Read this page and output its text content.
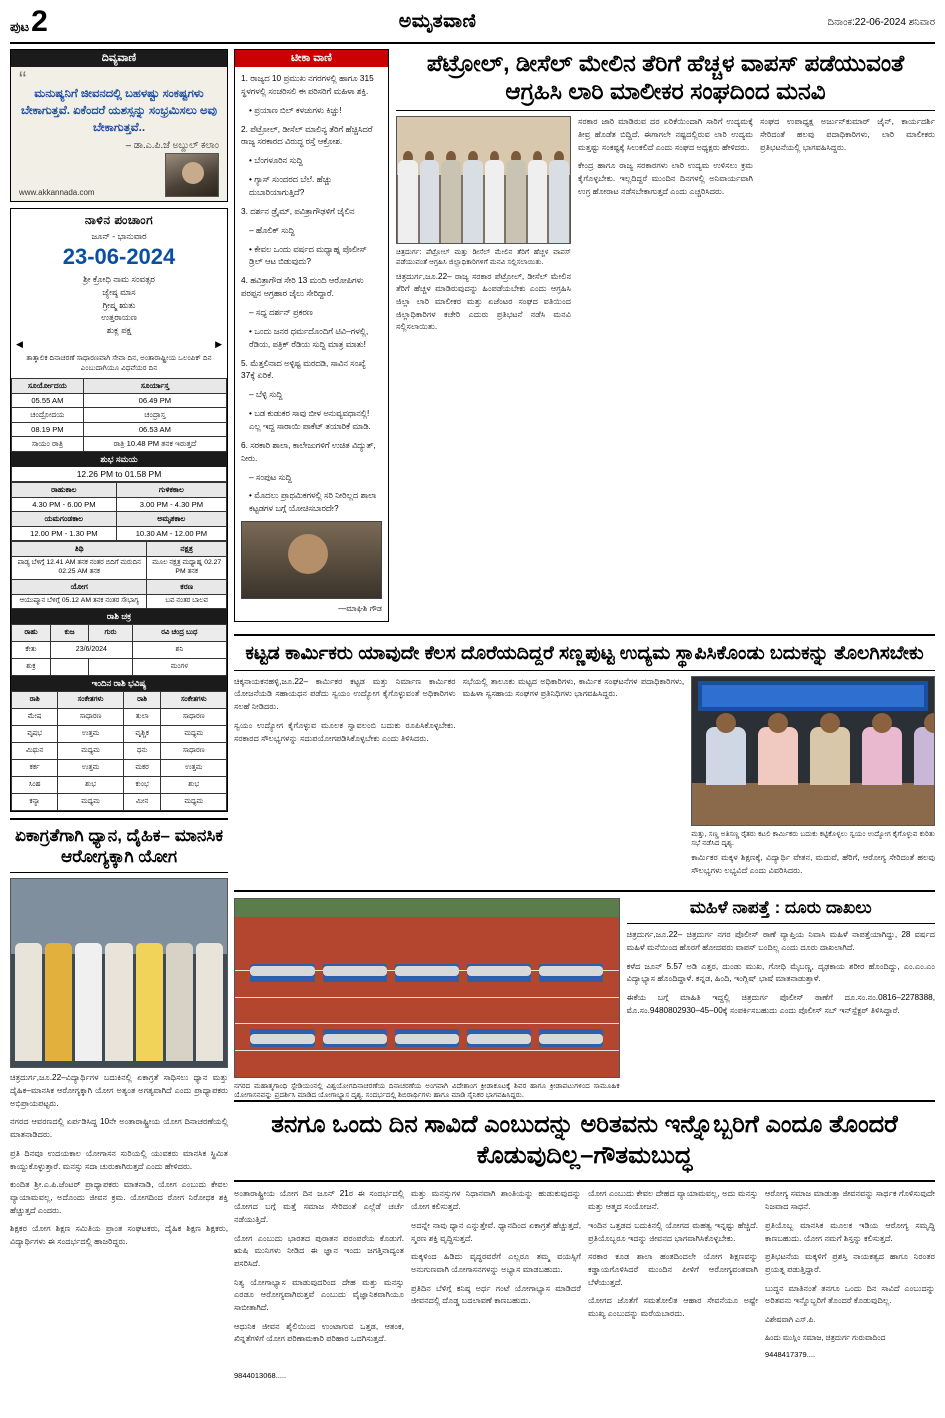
ಪುಟ 2	ಅಮೃತವಾಣಿ	ದಿನಾಂಕ:22-06-2024 ಶನಿವಾರ
ದಿವ್ಯವಾಣಿ
“
ಮನುಷ್ಯನಿಗೆ ಜೀವನದಲ್ಲಿ ಬಹಳಷ್ಟು ಸಂಕಷ್ಟಗಳು ಬೇಕಾಗುತ್ತವೆ. ಏಕೆಂದರೆ ಯಶಸ್ಸನ್ನು ಸಂಭ್ರಮಿಸಲು ಅವು ಬೇಕಾಗುತ್ತವೆ..
– ಡಾ.ಎ.ಪಿ.ಜೆ ಅಬ್ದುಲ್ ಕಲಾಂ
www.akkannada.com
ನಾಳಿನ ಪಂಚಾಂಗ
ಜೂನ್ - ಭಾನುವಾರ
23-06-2024
ಶ್ರೀ ಕ್ರೋಧಿ ನಾಮ ಸಂವತ್ಸರ
ಜ್ಯೇಷ್ಠ ಮಾಸ
ಗ್ರೀಷ್ಮ ಋತು
ಉತ್ತರಾಯಣ
ಶುಕ್ಲ ಪಕ್ಷ
◀	▶
ತಾತ್ಕಾಲಿಕ ದಿನಾಚರಣೆ ಸಾಧಾರಣವಾಗಿ ಸೇವಾ ದಿನ, ಅಂತಾರಾಷ್ಟ್ರೀಯ ಒಲಂಪಿಕ್ ದಿನ ಎಂಬುದಾಗಿಯೂ ವಿಧವೆಯರ ದಿನ
ಸೂರ್ಯೋದಯ	ಸೂರ್ಯಾಸ್ತ
05.55 AM	06.49 PM
ಚಂದ್ರೋದಯ	ಚಂದ್ರಾಸ್ತ
08.19 PM	06.53 AM
ಸಾಯಂ ರಾತ್ರಿ	ರಾತ್ರಿ 10.48 PM ತನಕ ಇರುತ್ತದೆ
ಶುಭ ಸಮಯ
12.26 PM to 01.58 PM
ರಾಹುಕಾಲ	ಗುಳಿಕಕಾಲ
4.30 PM - 6.00 PM	3.00 PM - 4.30 PM
ಯಮಗಂಡಕಾಲ	ಅಮೃತಕಾಲ
12.00 PM - 1.30 PM	10.30 AM - 12.00 PM
ತಿಥಿ	ನಕ್ಷತ್ರ
ಪಾಡ್ಯ ಬೆಳಿಗ್ಗೆ 12.41 AM ತನಕ ನಂತರ ಬಿದಿಗೆ ಮರುದಿನ 02.25 AM ತನಕ	ಮೂಲ ನಕ್ಷತ್ರ ಮಧ್ಯಾಹ್ನ 02.27 PM ತನಕ
ಯೋಗ	ಕರಣ
ಆಯುಷ್ಮಾನ ಬೆಳಿಗ್ಗೆ 05.12 AM ತನಕ ನಂತರ ಸೌಭಾಗ್ಯ	ಬವ ನಂತರ ಬಾಲವ
ರಾಶಿ ಚಕ್ರ
ರಾಹು	ಕುಜ	ಗುರು	ರವಿ ಚಂದ್ರ ಬುಧ
ಕೇತು	23/6/2024		ಶನಿ
ಶುಕ್ರ			ಮಂಗಳ
ಇಂದಿನ ರಾಶಿ ಭವಿಷ್ಯ
ರಾಶಿ	ಸಂಕೇತಗಳು	ರಾಶಿ	ಸಂಕೇತಗಳು
ಮೇಷ	ಸಾಧಾರಣ	ತುಲಾ	ಸಾಧಾರಣ
ವೃಷಭ	ಉತ್ತಮ	ವೃಶ್ಚಿಕ	ಮಧ್ಯಮ
ಮಿಥುನ	ಮಧ್ಯಮ	ಧನು	ಸಾಧಾರಣ
ಕರ್ಕ	ಉತ್ತಮ	ಮಕರ	ಉತ್ತಮ
ಸಿಂಹ	ಶುಭ	ಕುಂಭ	ಶುಭ
ಕನ್ಯಾ	ಮಧ್ಯಮ	ಮೀನ	ಮಧ್ಯಮ
ಏಕಾಗ್ರತೆಗಾಗಿ ಧ್ಯಾನ, ದೈಹಿಕ– ಮಾನಸಿಕ ಆರೋಗ್ಯಕ್ಕಾಗಿ ಯೋಗ

ಚಿತ್ರದುರ್ಗ,ಜೂ.22–ವಿದ್ಯಾರ್ಥಿಗಳ ಬದುಕಿನಲ್ಲಿ ಏಕಾಗ್ರತೆ ಸಾಧಿಸಲು ಧ್ಯಾನ ಮತ್ತು ದೈಹಿಕ–ಮಾನಸಿಕ ಆರೋಗ್ಯಕ್ಕಾಗಿ ಯೋಗ ಅತ್ಯಂತ ಅಗತ್ಯವಾಗಿದೆ ಎಂದು ಪ್ರಾಧ್ಯಾಪಕರು ಅಭಿಪ್ರಾಯಪಟ್ಟರು.

ನಗರದ ಆವರಣದಲ್ಲಿ ಏರ್ಪಡಿಸಿದ್ದ 10ನೇ ಅಂತಾರಾಷ್ಟ್ರೀಯ ಯೋಗ ದಿನಾಚರಣೆಯಲ್ಲಿ ಮಾತನಾಡಿದರು.

ಪ್ರತಿ ದಿನವೂ ಉದಯಕಾಲ ಯೋಗಾಸನ ಸುರಿಯಲ್ಲಿ ಯುವಕರು ಮಾನಸಿಕ ಸ್ಥಿಮಿತ ಕಾಯ್ದುಕೊಳ್ಳುತ್ತಾರೆ. ಮನಸ್ಸು ಸದಾ ಚುರುಕಾಗಿರುತ್ತದೆ ಎಂದು ಹೇಳಿದರು.

ಕುಂದಿತ ಶ್ರೀ.ಎ.ಪಿ.ಜೆಂಟರ್ ಪ್ರಾಧ್ಯಾಪಕರು ಮಾತನಾಡಿ, ಯೋಗ ಎಂಬುದು ಕೇವಲ ವ್ಯಾಯಾಮವಲ್ಲ, ಅದೊಂದು ಜೀವನ ಕ್ರಮ. ಯೋಗದಿಂದ ರೋಗ ನಿರೋಧಕ ಶಕ್ತಿ ಹೆಚ್ಚುತ್ತದೆ ಎಂದರು.

ಶಿಕ್ಷಕರ ಯೋಗ ಶಿಕ್ಷಣ ಸಮಿತಿಯ ಪ್ರಾಂತ ಸಂಘಟಕರು, ದೈಹಿಕ ಶಿಕ್ಷಣ ಶಿಕ್ಷಕರು, ವಿದ್ಯಾರ್ಥಿಗಳು ಈ ಸಂದರ್ಭದಲ್ಲಿ ಹಾಜರಿದ್ದರು.

ಟೀಕಾ ವಾಣಿ

1. ರಾಜ್ಯದ 10 ಪ್ರಮುಖ ನಗರಗಳಲ್ಲಿ ಹಾಗೂ 315 ಸ್ಥಳಗಳಲ್ಲಿ ಸಂಚರಿಸಲಿ ಈ ಪರಿಸರಿಗೆ ಮಹಿಳಾ ಶಕ್ತಿ.

• ಪ್ರಯಾಣ ಬಿಲ್ ಕಳಚುಗಳು ಕಿಚ್ಚು!

2. ಪೆಟ್ರೋಲ್, ಡೀಸೆಲ್ ಮಾಲಿನ್ಯ ತೆರಿಗೆ ಹೆಚ್ಚಿಸಿದರೆ ರಾಜ್ಯ ಸರಕಾರದ ವಿರುದ್ಧ ರಸ್ತೆ ಆಕ್ರೋಶ.

• ಬೆಂಗಳೂರಿನ ಸುದ್ದಿ

• ಗ್ಯಾಸ್ ಸುಂದರದ ಬೆಲೆ. ಹೆಚ್ಚು ದುಬಾರಿಯಾಗುತ್ತಿದೆ?

3. ದರ್ಶನ ಡ್ರೈಮ್, ಪವಿತ್ರಾಗೌಢಳಿಗೆ ಜೈಲಿನ

– ಹೊಲಿಕ್ ಸುದ್ದಿ

• ಕೇವಲ ಒಂದು ವರ್ಷದ ಮಧ್ಯಾಹ್ನ ಪೊಲೀಸ್ ಡ್ರಿಲ್ ಆಟ ಬಿಡುವುದು?

4. ಹವಿತ್ರಾಗೌಡ ಸೇರಿ 13 ಮಂದಿ ಆರೋಪಿಗಳು ಪರಪ್ಪನ ಅಗ್ರಹಾರ ಜೈಲು ಸೇರಿದ್ದಾರೆ.

– ಸಧ್ಯ ದರ್ಶನ್ ಪ್ರಕರಣ

• ಒಂದು ಜನರ ಧರ್ಮದೊಂದಿಗೆ ಟಿವಿ–ಗಳಲ್ಲಿ, ರೆಡಿಯ, ಪತ್ರಿಕ್ ರೆಡಿಯ ಸುದ್ದಿ ಮಾತ್ರ ಮಾತು!

5. ಮೆತ್ತಲಿನಾದ ಅಳ್ಳಿಷ್ಟ ಮರದಡಿ, ಸಾವಿನ ಸಂಖ್ಯೆ 37ಕ್ಕೆ ಏರಿಕೆ.

– ಬೆಳ್ಳಿ ಸುದ್ದಿ

• ಬಡ ಕುಡುಕರ ಸಾವು ಬೀಳ ಅನುವ್ಯವಧಾನಲ್ಲಿ! ಎಲ್ಲ ಇದ್ದ ಸಾರಾಯಿ ಪಾಕೆಟ್ ತಯಾರಿಕೆ ಮಾಡಿ.

6. ಸರಕಾರಿ ಶಾಲಾ, ಕಾಲೇಜುಗಳಿಗೆ ಉಚಿತ ವಿದ್ಯುತ್, ನೀರು.

– ಸಂಪುಟ ಸುದ್ದಿ

• ಮೊದಲು ಪ್ರಾಥಮಿಕಗಳಲ್ಲಿ ಸರಿ ನೀರಿಲ್ಲದ ಶಾಲಾ ಕಟ್ಟಡಗಳ ಬಗ್ಗೆ ಯೋಚಿಸಬಾರದೇ?

—ಮಾಘಿಶಿ ಗೌಡ
ಪೆಟ್ರೋಲ್, ಡೀಸೆಲ್ ಮೇಲಿನ ತೆರಿಗೆ ಹೆಚ್ಚಳ ವಾಪಸ್ ಪಡೆಯುವಂತೆ ಆಗ್ರಹಿಸಿ ಲಾರಿ ಮಾಲೀಕರ ಸಂಘದಿಂದ ಮನವಿ
ಚಿತ್ರದುರ್ಗ: ಪೆಟ್ರೋಲ್ ಮತ್ತು ಡೀಸೆಲ್ ಮೇಲಿನ ತೆರಿಗೆ ಹೆಚ್ಚಳ ವಾಪಸ್ ಪಡೆಯುವಂತೆ ಆಗ್ರಹಿಸಿ ಜಿಲ್ಲಾಧಿಕಾರಿಗಳಿಗೆ ಮನವಿ ಸಲ್ಲಿಸಲಾಯಿತು.

ಚಿತ್ರದುರ್ಗ,ಜೂ.22– ರಾಜ್ಯ ಸರಕಾರ ಪೆಟ್ರೋಲ್, ಡೀಸೆಲ್ ಮೇಲಿನ ತೆರಿಗೆ ಹೆಚ್ಚಳ ಮಾಡಿರುವುದನ್ನು ಹಿಂಪಡೆಯಬೇಕು ಎಂದು ಆಗ್ರಹಿಸಿ ಜಿಲ್ಲಾ ಲಾರಿ ಮಾಲೀಕರ ಮತ್ತು ಏಜೆಂಟರ ಸಂಘದ ವತಿಯಿಂದ ಜಿಲ್ಲಾಧಿಕಾರಿಗಳ ಕಚೇರಿ ಎದುರು ಪ್ರತಿಭಟನೆ ನಡೆಸಿ ಮನವಿ ಸಲ್ಲಿಸಲಾಯಿತು.

ಸರಕಾರ ಜಾರಿ ಮಾಡಿರುವ ದರ ಏರಿಕೆಯಿಂದಾಗಿ ಸಾರಿಗೆ ಉದ್ಯಮಕ್ಕೆ ತೀವ್ರ ಹೊಡೆತ ಬಿದ್ದಿದೆ. ಈಗಾಗಲೇ ನಷ್ಟದಲ್ಲಿರುವ ಲಾರಿ ಉದ್ಯಮ ಮತ್ತಷ್ಟು ಸಂಕಷ್ಟಕ್ಕೆ ಸಿಲುಕಲಿದೆ ಎಂದು ಸಂಘದ ಅಧ್ಯಕ್ಷರು ಹೇಳಿದರು.

ಕೇಂದ್ರ ಹಾಗೂ ರಾಜ್ಯ ಸರಕಾರಗಳು ಲಾರಿ ಉದ್ಯಮ ಉಳಿಸಲು ಕ್ರಮ ಕೈಗೊಳ್ಳಬೇಕು. ಇಲ್ಲದಿದ್ದರೆ ಮುಂದಿನ ದಿನಗಳಲ್ಲಿ ಅನಿವಾರ್ಯವಾಗಿ ಉಗ್ರ ಹೋರಾಟ ನಡೆಸಬೇಕಾಗುತ್ತದೆ ಎಂದು ಎಚ್ಚರಿಸಿದರು.

ಸಂಘದ ಉಪಾಧ್ಯಕ್ಷ ಅರ್ಜುನ್‌ಕುಮಾರ್ ಜೈನ್, ಕಾರ್ಯದರ್ಶಿ ಸೇರಿದಂತೆ ಹಲವು ಪದಾಧಿಕಾರಿಗಳು, ಲಾರಿ ಮಾಲೀಕರು ಪ್ರತಿಭಟನೆಯಲ್ಲಿ ಭಾಗವಹಿಸಿದ್ದರು.

ಕಟ್ಟಡ ಕಾರ್ಮಿಕರು ಯಾವುದೇ ಕೆಲಸ ದೊರೆಯದಿದ್ದರೆ ಸಣ್ಣಪುಟ್ಟ ಉದ್ಯಮ ಸ್ಥಾಪಿಸಿಕೊಂಡು ಬದುಕನ್ನು ತೊಲಗಿಸಬೇಕು

ಚಿಕ್ಕನಾಯಕನಹಳ್ಳಿ,ಜೂ.22– ಕಾರ್ಮಿಕರ ಕಟ್ಟಡ ಮತ್ತು ನಿರ್ಮಾಣ ಕಾರ್ಮಿಕರ ಯೋಜನೆಯಡಿ ಸಹಾಯಧನ ಪಡೆದು ಸ್ವಯಂ ಉದ್ಯೋಗ ಕೈಗೊಳ್ಳುವಂತೆ ಅಧಿಕಾರಿಗಳು ಸಲಹೆ ನೀಡಿದರು.

ಸ್ವಯಂ ಉದ್ಯೋಗ ಕೈಗೊಳ್ಳುವ ಮೂಲಕ ಸ್ವಾವಲಂಬಿ ಬದುಕು ರೂಪಿಸಿಕೊಳ್ಳಬೇಕು. ಸರಕಾರದ ಸೌಲಭ್ಯಗಳನ್ನು ಸದುಪಯೋಗಪಡಿಸಿಕೊಳ್ಳಬೇಕು ಎಂದು ತಿಳಿಸಿದರು.

ಸಭೆಯಲ್ಲಿ ತಾಲೂಕು ಮಟ್ಟದ ಅಧಿಕಾರಿಗಳು, ಕಾರ್ಮಿಕ ಸಂಘಟನೆಗಳ ಪದಾಧಿಕಾರಿಗಳು, ಮಹಿಳಾ ಸ್ವಸಹಾಯ ಸಂಘಗಳ ಪ್ರತಿನಿಧಿಗಳು ಭಾಗವಹಿಸಿದ್ದರು.

ಮತ್ತು, ಸಣ್ಣ ಅತಿಸಣ್ಣ ರೈತರು ಕಟಲಿ ಕಾರ್ಮಿಕರು ಬದುಕು ಕಟ್ಟಿಕೊಳ್ಳಲು ಸ್ವಯಂ ಉದ್ಯೋಗ ಕೈಗೊಳ್ಳುವ ಕುರಿತು ಸಭೆ ನಡೆಸಿದ ದೃಶ್ಯ.

ಕಾರ್ಮಿಕರ ಮಕ್ಕಳ ಶಿಕ್ಷಣಕ್ಕೆ, ವಿದ್ಯಾರ್ಥಿ ವೇತನ, ಮದುವೆ, ಹೆರಿಗೆ, ಆರೋಗ್ಯ ಸೇರಿದಂತೆ ಹಲವು ಸೌಲಭ್ಯಗಳು ಲಭ್ಯವಿದೆ ಎಂದು ವಿವರಿಸಿದರು.

ನಗರದ ಮಹಾತ್ಮಗಾಂಧಿ ಸ್ಟೇಡಿಯಂನಲ್ಲಿ ವಿಶ್ವಯೋಗದಿನಾಚರಣೆಯ ದಿನಾಚರಣೆಯ ಅಂಗವಾಗಿ ವಿದೇಶಾಂಗ ಕ್ರೀಡಾಕೂಟಕ್ಕೆ ಶಿವರ ಹಾಗೂ ಕ್ರೀಡಾಪಟುಗಳಿಂದ ಸಾಮೂಹಿಕ ಯೋಗಾಸನವನ್ನು ಪ್ರದರ್ಶಿಸಿ ಮಾಡಿದ ಯೋಗಾಭ್ಯಾಸ ದೃಶ್ಯ. ಸಂದರ್ಭದಲ್ಲಿ ಶಿಬಿರಾರ್ಥಿಗಳು ಹಾಗೂ ಮಾಡಿ ಸೈನಿಕರ ಭಾಗವಹಿಸಿದ್ದರು.
ಮಹಿಳೆ ನಾಪತ್ತೆ : ದೂರು ದಾಖಲು

ಚಿತ್ರದುರ್ಗ,ಜೂ.22– ಚಿತ್ರದುರ್ಗ ನಗರ ಪೊಲೀಸ್ ಠಾಣೆ ವ್ಯಾಪ್ತಿಯ ನಿವಾಸಿ ಮಹಿಳೆ ನಾಪತ್ತೆಯಾಗಿದ್ದು, 28 ವರ್ಷದ ಮಹಿಳೆ ಮನೆಯಿಂದ ಹೊರಗೆ ಹೋದವರು ವಾಪಸ್ ಬಂದಿಲ್ಲ ಎಂದು ದೂರು ದಾಖಲಾಗಿದೆ.

ಕಳೆದ ಜೂನ್ 5.57 ಅಡಿ ಎತ್ತರ, ದುಂಡು ಮುಖ, ಗೋಧಿ ಮೈಬಣ್ಣ, ದೃಢಕಾಯ ಶರೀರ ಹೊಂದಿದ್ದು, ಎಂ.ಎಂ.ಎಂ ವಿದ್ಯಾಭ್ಯಾಸ ಹೊಂದಿದ್ದಾಳೆ. ಕನ್ನಡ, ಹಿಂದಿ, ಇಂಗ್ಲಿಷ್ ಭಾಷೆ ಮಾತನಾಡುತ್ತಾಳೆ.

ಈಕೆಯ ಬಗ್ಗೆ ಮಾಹಿತಿ ಇದ್ದಲ್ಲಿ ಚಿತ್ರದುರ್ಗ ಪೊಲೀಸ್ ಠಾಣೆಗೆ ದೂ.ಸಂ.ನಂ.0816–2278388, ಮೊ.ಸಂ.9480802930–45–00ಕ್ಕೆ ಸಂಪರ್ಕಿಸಬಹುದು ಎಂದು ಪೊಲೀಸ್ ಸಬ್ ಇನ್‌ಸ್ಪೆಕ್ಟರ್ ತಿಳಿಸಿದ್ದಾರೆ.

ತನಗೂ ಒಂದು ದಿನ ಸಾವಿದೆ ಎಂಬುದನ್ನು ಅರಿತವನು ಇನ್ನೊಬ್ಬರಿಗೆ ಎಂದೂ ತೊಂದರೆ ಕೊಡುವುದಿಲ್ಲ–ಗೌತಮಬುದ್ಧ

ಅಂತಾರಾಷ್ಟ್ರೀಯ ಯೋಗ ದಿನ ಜೂನ್ 21ರ ಈ ಸಂದರ್ಭದಲ್ಲಿ ಯೋಗದ ಬಗ್ಗೆ ಮತ್ತೆ ಸಮಾಜ ಸೇರಿದಂತೆ ಎಲ್ಲೆಡೆ ಚರ್ಚೆ ನಡೆಯುತ್ತಿದೆ.

ಯೋಗ ಎಂಬುದು ಭಾರತದ ಪುರಾತನ ಪರಂಪರೆಯ ಕೊಡುಗೆ. ಋಷಿ ಮುನಿಗಳು ನೀಡಿದ ಈ ಜ್ಞಾನ ಇಂದು ಜಗತ್ತಿನಾದ್ಯಂತ ಪಸರಿಸಿದೆ.

ನಿತ್ಯ ಯೋಗಾಭ್ಯಾಸ ಮಾಡುವುದರಿಂದ ದೇಹ ಮತ್ತು ಮನಸ್ಸು ಎರಡೂ ಆರೋಗ್ಯವಾಗಿರುತ್ತವೆ ಎಂಬುದು ವೈಜ್ಞಾನಿಕವಾಗಿಯೂ ಸಾಬೀತಾಗಿದೆ.

ಆಧುನಿಕ ಜೀವನ ಶೈಲಿಯಿಂದ ಉಂಟಾಗುವ ಒತ್ತಡ, ಆತಂಕ, ಖಿನ್ನತೆಗಳಿಗೆ ಯೋಗ ಪರಿಣಾಮಕಾರಿ ಪರಿಹಾರ ಒದಗಿಸುತ್ತದೆ.

ಮತ್ತು ಮನಸ್ಸುಗಳ ನಿಧಾನವಾಗಿ ಶಾಂತಿಯನ್ನು ಹುಡುಕುವುದನ್ನು ಯೋಗ ಕಲಿಸುತ್ತದೆ.

ಅದನ್ನೇ ನಾವು ಧ್ಯಾನ ಎನ್ನುತ್ತೇವೆ. ಧ್ಯಾನದಿಂದ ಏಕಾಗ್ರತೆ ಹೆಚ್ಚುತ್ತದೆ, ಸ್ಮರಣ ಶಕ್ತಿ ವೃದ್ಧಿಸುತ್ತದೆ.

ಮಕ್ಕಳಿಂದ ಹಿಡಿದು ವೃದ್ಧರವರೆಗೆ ಎಲ್ಲರೂ ತಮ್ಮ ವಯಸ್ಸಿಗೆ ಅನುಗುಣವಾಗಿ ಯೋಗಾಸನಗಳನ್ನು ಅಭ್ಯಾಸ ಮಾಡಬಹುದು.

ಪ್ರತಿದಿನ ಬೆಳಿಗ್ಗೆ ಕನಿಷ್ಠ ಅರ್ಧ ಗಂಟೆ ಯೋಗಾಭ್ಯಾಸ ಮಾಡಿದರೆ ಜೀವನದಲ್ಲಿ ದೊಡ್ಡ ಬದಲಾವಣೆ ಕಾಣಬಹುದು.

ಯೋಗ ಎಂಬುದು ಕೇವಲ ದೇಹದ ವ್ಯಾಯಾಮವಲ್ಲ, ಅದು ಮನಸ್ಸು ಮತ್ತು ಆತ್ಮದ ಸಂಯೋಜನೆ.

ಇಂದಿನ ಒತ್ತಡದ ಬದುಕಿನಲ್ಲಿ ಯೋಗದ ಮಹತ್ವ ಇನ್ನಷ್ಟು ಹೆಚ್ಚಿದೆ. ಪ್ರತಿಯೊಬ್ಬರೂ ಇದನ್ನು ಜೀವನದ ಭಾಗವಾಗಿಸಿಕೊಳ್ಳಬೇಕು.

ಸರಕಾರ ಕೂಡ ಶಾಲಾ ಹಂತದಿಂದಲೇ ಯೋಗ ಶಿಕ್ಷಣವನ್ನು ಕಡ್ಡಾಯಗೊಳಿಸಿದರೆ ಮುಂದಿನ ಪೀಳಿಗೆ ಆರೋಗ್ಯವಂತವಾಗಿ ಬೆಳೆಯುತ್ತದೆ.

ಯೋಗದ ಜೊತೆಗೆ ಸಮತೋಲಿತ ಆಹಾರ ಸೇವನೆಯೂ ಅಷ್ಟೇ ಮುಖ್ಯ ಎಂಬುದನ್ನು ಮರೆಯಬಾರದು.

ಆರೋಗ್ಯ ಸಮಾಜ ಮಾಡುತ್ತಾ ಜೀವನವನ್ನು ಸಾರ್ಥಕ ಗೊಳಿಸುವುದೇ ನಿಜವಾದ ಸಾಧನೆ.

ಪ್ರತಿಯೊಬ್ಬ ಮಾನಸಿಕ ಮೂಲಕ ಇಡಿಯ ಆರೋಗ್ಯ ಸಮೃದ್ಧಿ ಕಾಣಬಹುದು. ಯೋಗ ನಮಗೆ ಶಿಸ್ತನ್ನು ಕಲಿಸುತ್ತದೆ.

ಪ್ರತಿಭಟನೆಯ ಮಕ್ಕಳಿಗೆ ಪ್ರಶಸ್ತಿ ನಾಯಕತ್ವದ ಹಾಗೂ ನಿರಂತರ ಪ್ರಯತ್ನ ಪಡುತ್ತಿದ್ದಾರೆ.

ಬುದ್ಧನ ಮಾತಿನಂತೆ ತನಗೂ ಒಂದು ದಿನ ಸಾವಿದೆ ಎಂಬುದನ್ನು ಅರಿತವನು ಇನ್ನೊಬ್ಬರಿಗೆ ತೊಂದರೆ ಕೊಡುವುದಿಲ್ಲ.

ವಿಶೇಷವಾಗಿ ಎಸ್.ಪಿ.

ಹಿಂದು ಮುಸ್ಲಿಂ ಸಮಾಜ, ಚಿತ್ರದುರ್ಗ ಗುರುವಾದಿಂದ

9448417379....

9844013068.....
